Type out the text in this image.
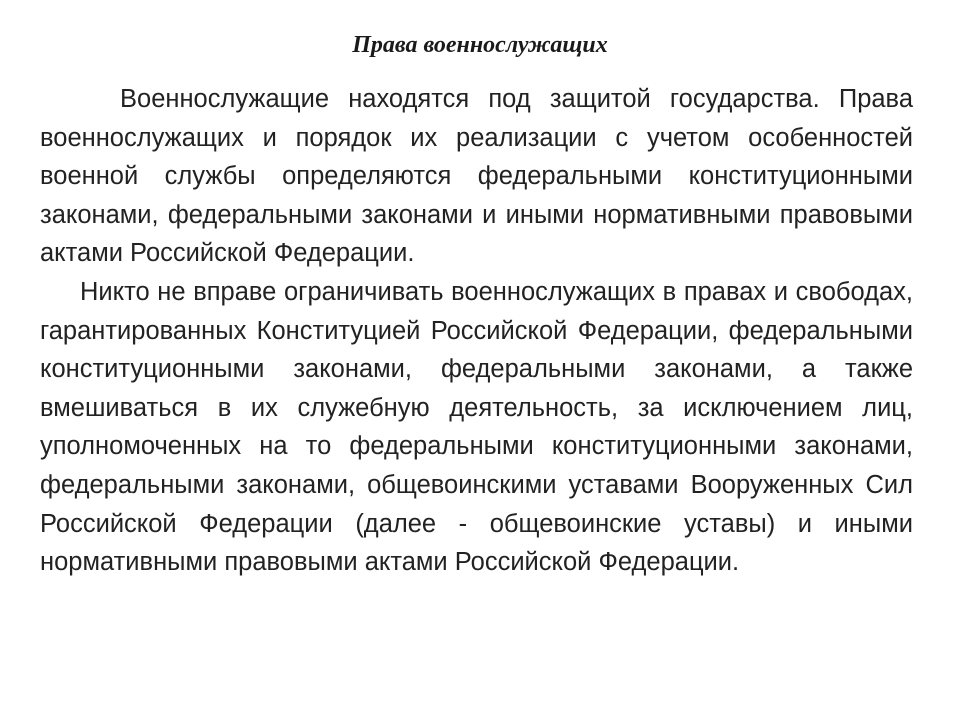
Права военнослужащих

Военнослужащие находятся под защитой государства. Права военнослужащих и порядок их реализации с учетом особенностей военной службы определяются федеральными конституционными законами, федеральными законами и иными нормативными правовыми актами Российской Федерации.

Никто не вправе ограничивать военнослужащих в правах и свободах, гарантированных Конституцией Российской Федерации, федеральными конституционными законами, федеральными законами, а также вмешиваться в их служебную деятельность, за исключением лиц, уполномоченных на то федеральными конституционными законами, федеральными законами, общевоинскими уставами Вооруженных Сил Российской Федерации (далее - общевоинские уставы) и иными нормативными правовыми актами Российской Федерации.
